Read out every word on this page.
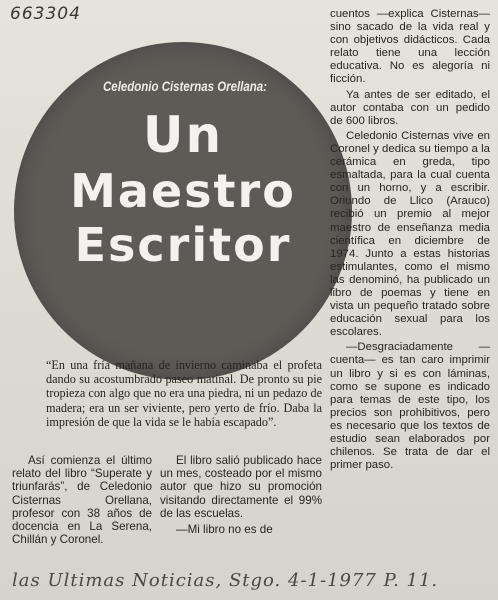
663304
Celedonio Cisternas Orellana:
Un
Maestro
Escritor
“En una fría mañana de invierno caminaba el profeta dando su acostumbrado paseo matinal. De pronto su pie tropieza con algo que no era una piedra, ni un pedazo de madera; era un ser viviente, pero yerto de frío. Daba la impresión de que la vida se le había escapado”.

Así comienza el último relato del libro “Superate y triunfarás”, de Celedonio Cisternas Orellana, profesor con 38 años de docencia en La Serena, Chillán y Coronel.

El libro salió publicado hace un mes, costeado por el mismo autor que hizo su promoción visitando directamente el 99% de las escuelas.

—Mi libro no es de

cuentos —explica Cisternas— sino sacado de la vida real y con objetivos didácticos. Cada relato tiene una lección educativa. No es alegoría ni ficción.

Ya antes de ser editado, el autor contaba con un pedido de 600 libros.

Celedonio Cisternas vive en Coronel y dedica su tiempo a la cerámica en greda, tipo esmaltada, para la cual cuenta con un horno, y a escribir. Oriundo de Llico (Arauco) recibió un premio al mejor maestro de enseñanza media científica en diciembre de 1974. Junto a estas historias estimulantes, como el mismo las denominó, ha publicado un libro de poemas y tiene en vista un pequeño tratado sobre educación sexual para los escolares.

—Desgraciadamente —cuenta— es tan caro imprimir un libro y si es con láminas, como se supone es indicado para temas de este tipo, los precios son prohibitivos, pero es necesario que los textos de estudio sean elaborados por chilenos. Se trata de dar el primer paso.

las Ultimas Noticias, Stgo. 4-1-1977 P. 11.
